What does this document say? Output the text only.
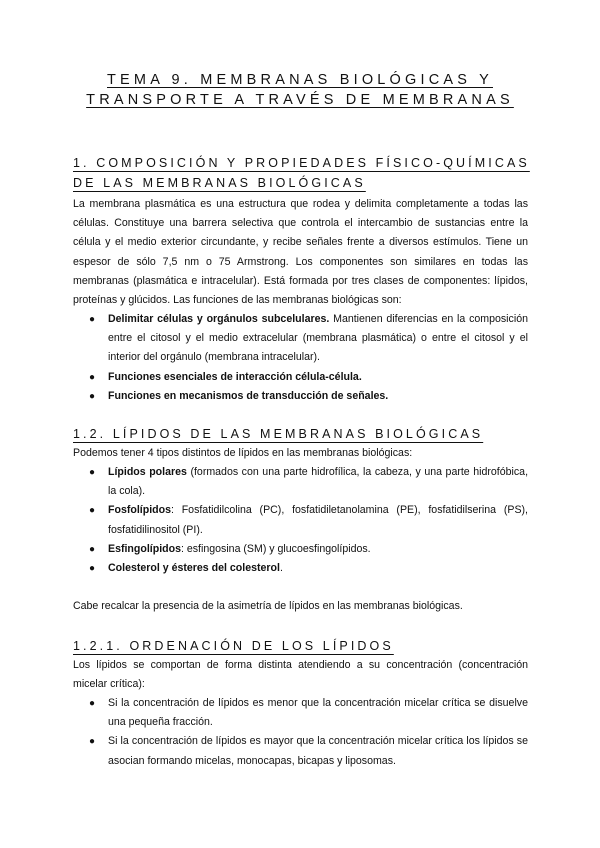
TEMA 9. MEMBRANAS BIOLÓGICAS Y
TRANSPORTE A TRAVÉS DE MEMBRANAS
1. COMPOSICIÓN Y PROPIEDADES FÍSICO-QUÍMICAS
DE LAS MEMBRANAS BIOLÓGICAS
La membrana plasmática es una estructura que rodea y delimita completamente a todas las células. Constituye una barrera selectiva que controla el intercambio de sustancias entre la célula y el medio exterior circundante, y recibe señales frente a diversos estímulos. Tiene un espesor de sólo 7,5 nm o 75 Armstrong. Los componentes son similares en todas las membranas (plasmática e intracelular). Está formada por tres clases de componentes: lípidos, proteínas y glúcidos. Las funciones de las membranas biológicas son:
● Delimitar células y orgánulos subcelulares. Mantienen diferencias en la composición entre el citosol y el medio extracelular (membrana plasmática) o entre el citosol y el interior del orgánulo (membrana intracelular).
● Funciones esenciales de interacción célula-célula.
● Funciones en mecanismos de transducción de señales.
1.2. LÍPIDOS DE LAS MEMBRANAS BIOLÓGICAS
Podemos tener 4 tipos distintos de lípidos en las membranas biológicas:
● Lípidos polares (formados con una parte hidrofílica, la cabeza, y una parte hidrofóbica, la cola).
● Fosfolípidos: Fosfatidilcolina (PC), fosfatidiletanolamina (PE), fosfatidilserina (PS), fosfatidilinositol (PI).
● Esfingolípidos: esfingosina (SM) y glucoesfingolípidos.
● Colesterol y ésteres del colesterol.
Cabe recalcar la presencia de la asimetría de lípidos en las membranas biológicas.
1.2.1. ORDENACIÓN DE LOS LÍPIDOS
Los lípidos se comportan de forma distinta atendiendo a su concentración (concentración micelar crítica):
● Si la concentración de lípidos es menor que la concentración micelar crítica se disuelve una pequeña fracción.
● Si la concentración de lípidos es mayor que la concentración micelar crítica los lípidos se asocian formando micelas, monocapas, bicapas y liposomas.
